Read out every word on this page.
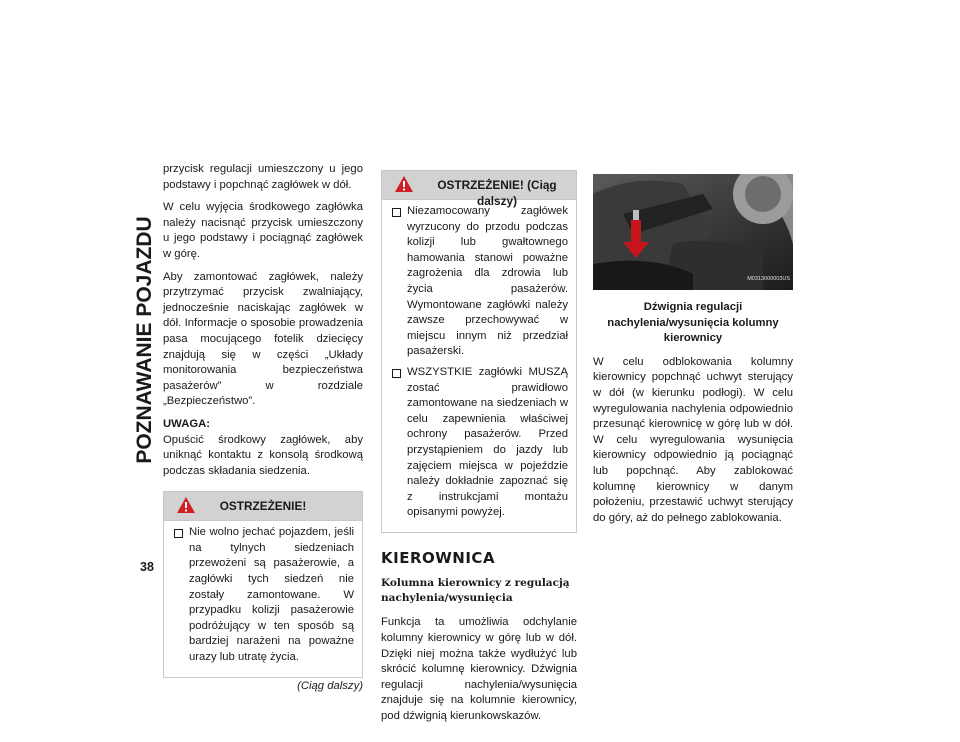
POZNAWANIE POJAZDU
38

przycisk regulacji umieszczony u jego podstawy i popchnąć zagłówek w dół.

W celu wyjęcia środkowego zagłówka należy nacisnąć przycisk umieszczony u jego podstawy i pociągnąć zagłówek w górę.

Aby zamontować zagłówek, należy przytrzymać przycisk zwalniający, jednocześnie naciskając zagłówek w dół. Informacje o sposobie prowadzenia pasa mocującego fotelik dziecięcy znajdują się w części „Układy monitorowania bezpieczeństwa pasażerów” w rozdziale „Bezpieczeństwo”.

UWAGA:

Opuścić środkowy zagłówek, aby uniknąć kontaktu z konsolą środkową podczas składania siedzenia.

OSTRZEŻENIE!
Nie wolno jechać pojazdem, jeśli na tylnych siedzeniach przewożeni są pasażerowie, a zagłówki tych siedzeń nie zostały zamontowane. W przypadku kolizji pasażerowie podróżujący w ten sposób są bardziej narażeni na poważne urazy lub utratę życia.
(Ciąg dalszy)
OSTRZEŻENIE! (Ciąg dalszy)
Niezamocowany zagłówek wyrzucony do przodu podczas kolizji lub gwałtownego hamowania stanowi poważne zagrożenia dla zdrowia lub życia pasażerów. Wymontowane zagłówki należy zawsze przechowywać w miejscu innym niż przedział pasażerski.
WSZYSTKIE zagłówki MUSZĄ zostać prawidłowo zamontowane na siedzeniach w celu zapewnienia właściwej ochrony pasażerów. Przed przystąpieniem do jazdy lub zajęciem miejsca w pojeździe należy dokładnie zapoznać się z instrukcjami montażu opisanymi powyżej.
KIEROWNICA
Kolumna kierownicy z regulacją nachylenia/wysunięcia

Funkcja ta umożliwia odchylanie kolumny kierownicy w górę lub w dół. Dzięki niej można także wydłużyć lub skrócić kolumnę kierownicy. Dźwignia regulacji nachylenia/wysunięcia znajduje się na kolumnie kierownicy, pod dźwignią kierunkowskazów.

M0313000003US
Dźwignia regulacji nachylenia/wysunięcia kolumny kierownicy

W celu odblokowania kolumny kierownicy popchnąć uchwyt sterujący w dół (w kierunku podłogi). W celu wyregulowania nachylenia odpowiednio przesunąć kierownicę w górę lub w dół. W celu wyregulowania wysunięcia kierownicy odpowiednio ją pociągnąć lub popchnąć. Aby zablokować kolumnę kierownicy w danym położeniu, przestawić uchwyt sterujący do góry, aż do pełnego zablokowania.
